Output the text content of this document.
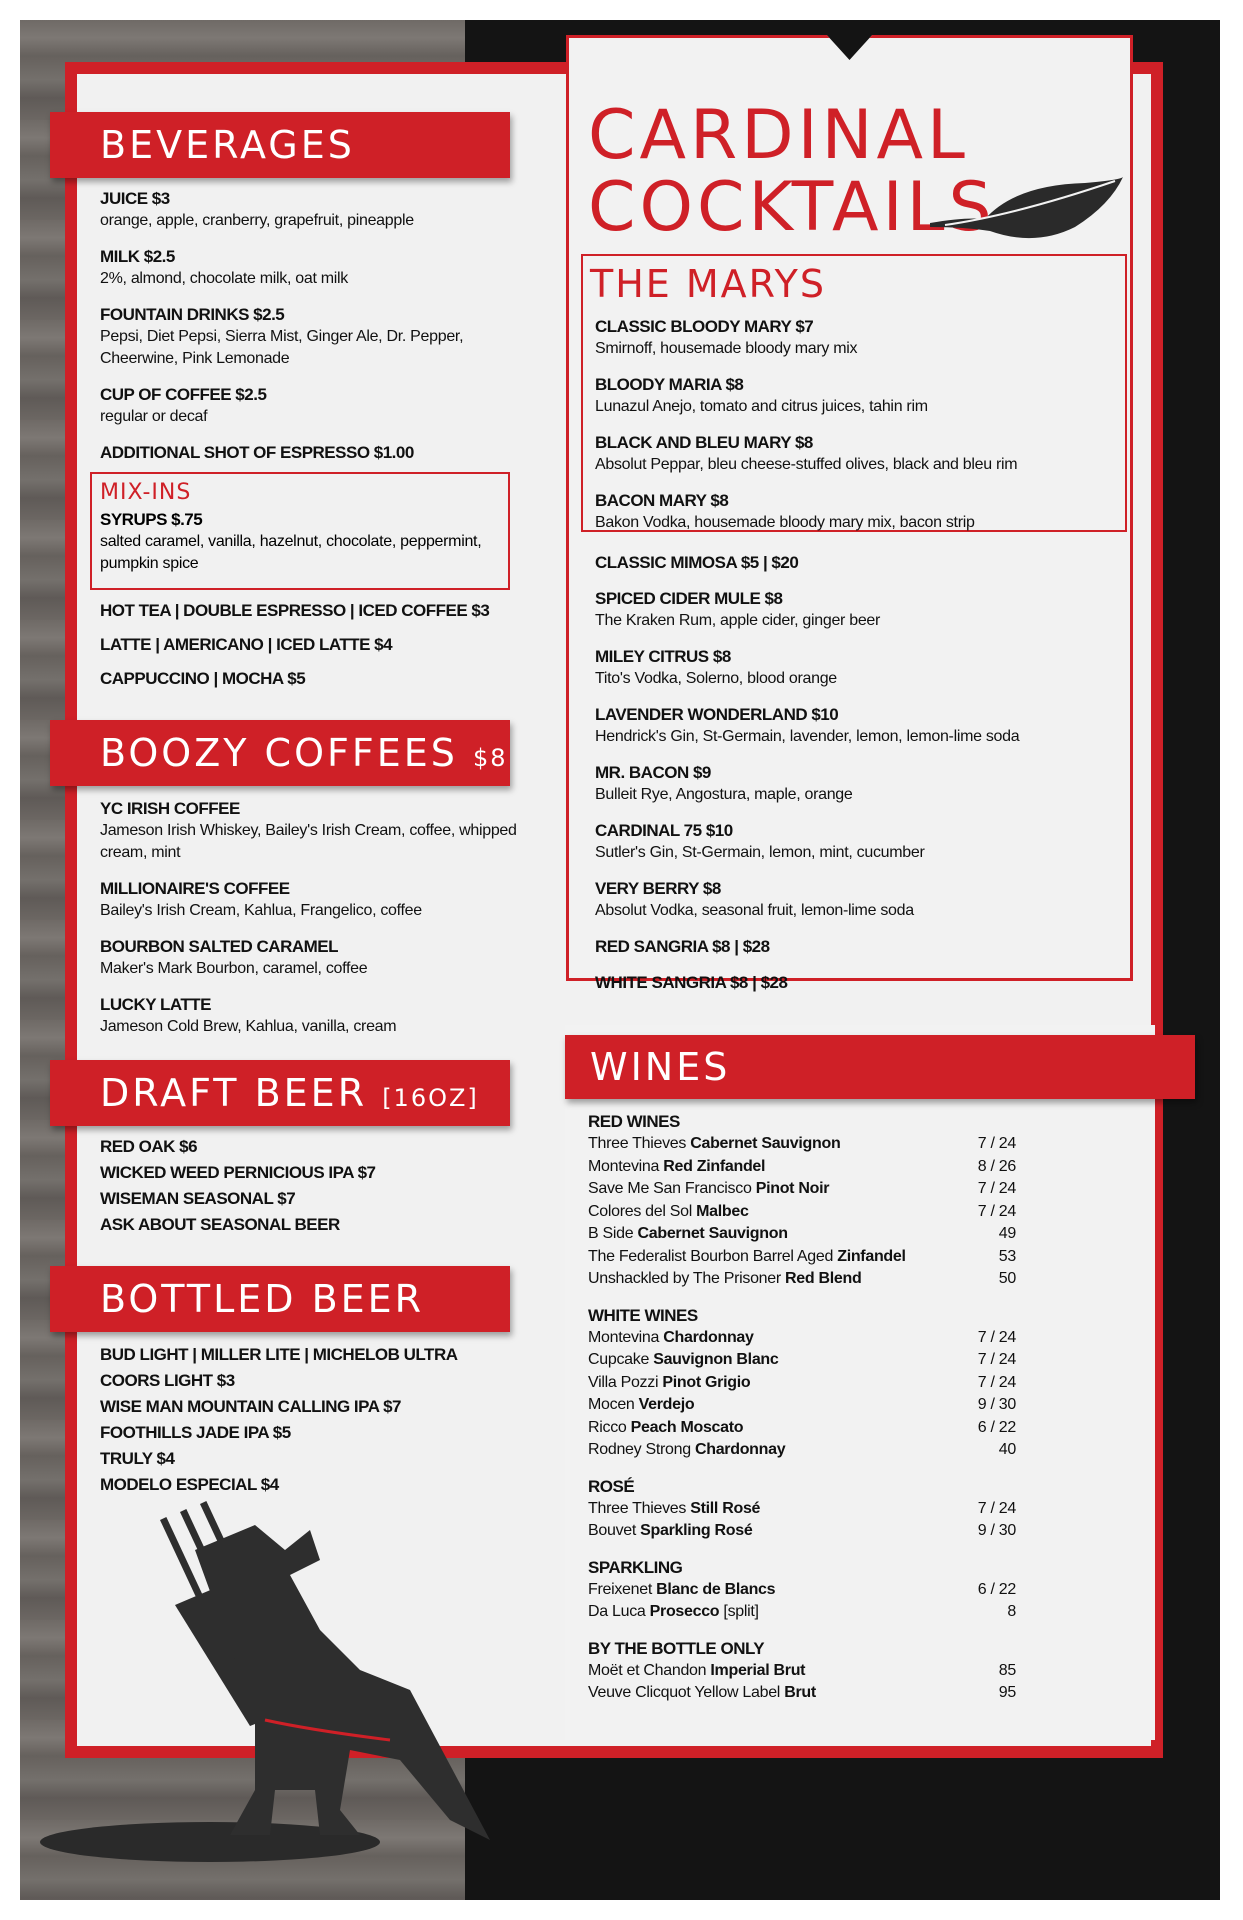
BEVERAGES
JUICE $3
orange, apple, cranberry, grapefruit, pineapple
MILK $2.5
2%, almond, chocolate milk, oat milk
FOUNTAIN DRINKS $2.5
Pepsi, Diet Pepsi, Sierra Mist, Ginger Ale, Dr. Pepper, Cheerwine, Pink Lemonade
CUP OF COFFEE $2.5
regular or decaf
ADDITIONAL SHOT OF ESPRESSO $1.00
MIX-INS
SYRUPS $.75
salted caramel, vanilla, hazelnut, chocolate, peppermint, pumpkin spice
HOT TEA | DOUBLE ESPRESSO | ICED COFFEE $3
LATTE | AMERICANO | ICED LATTE $4
CAPPUCCINO | MOCHA $5
BOOZY COFFEES $8
YC IRISH COFFEE
Jameson Irish Whiskey, Bailey's Irish Cream, coffee, whipped cream, mint
MILLIONAIRE'S COFFEE
Bailey's Irish Cream, Kahlua, Frangelico, coffee
BOURBON SALTED CARAMEL
Maker's Mark Bourbon, caramel, coffee
LUCKY LATTE
Jameson Cold Brew, Kahlua, vanilla, cream
DRAFT BEER [16OZ]
RED OAK $6
WICKED WEED PERNICIOUS IPA $7
WISEMAN SEASONAL $7
ASK ABOUT SEASONAL BEER
BOTTLED BEER
BUD LIGHT | MILLER LITE | MICHELOB ULTRA
COORS LIGHT $3
WISE MAN MOUNTAIN CALLING IPA $7
FOOTHILLS JADE IPA $5
TRULY $4
MODELO ESPECIAL $4
CARDINAL
COCKTAILS
THE MARYS
CLASSIC BLOODY MARY $7
Smirnoff, housemade bloody mary mix
BLOODY MARIA $8
Lunazul Anejo, tomato and citrus juices, tahin rim
BLACK AND BLEU MARY $8
Absolut Peppar, bleu cheese-stuffed olives, black and bleu rim
BACON MARY $8
Bakon Vodka, housemade bloody mary mix, bacon strip
CLASSIC MIMOSA $5 | $20
SPICED CIDER MULE $8
The Kraken Rum, apple cider, ginger beer
MILEY CITRUS $8
Tito's Vodka, Solerno, blood orange
LAVENDER WONDERLAND $10
Hendrick's Gin, St-Germain, lavender, lemon, lemon-lime soda
MR. BACON $9
Bulleit Rye, Angostura, maple, orange
CARDINAL 75 $10
Sutler's Gin, St-Germain, lemon, mint, cucumber
VERY BERRY $8
Absolut Vodka, seasonal fruit, lemon-lime soda
RED SANGRIA $8 | $28
WHITE SANGRIA $8 | $28
WINES
RED WINES
Three Thieves Cabernet Sauvignon	7 / 24
Montevina Red Zinfandel	8 / 26
Save Me San Francisco Pinot Noir	7 / 24
Colores del Sol Malbec	7 / 24
B Side Cabernet Sauvignon	49
The Federalist Bourbon Barrel Aged Zinfandel	53
Unshackled by The Prisoner Red Blend	50
WHITE WINES
Montevina Chardonnay	7 / 24
Cupcake Sauvignon Blanc	7 / 24
Villa Pozzi Pinot Grigio	7 / 24
Mocen Verdejo	9 / 30
Ricco Peach Moscato	6 / 22
Rodney Strong Chardonnay	40
ROSÉ
Three Thieves Still Rosé	7 / 24
Bouvet Sparkling Rosé	9 / 30
SPARKLING
Freixenet Blanc de Blancs	6 / 22
Da Luca Prosecco [split]	8
BY THE BOTTLE ONLY
Moët et Chandon Imperial Brut	85
Veuve Clicquot Yellow Label Brut	95
